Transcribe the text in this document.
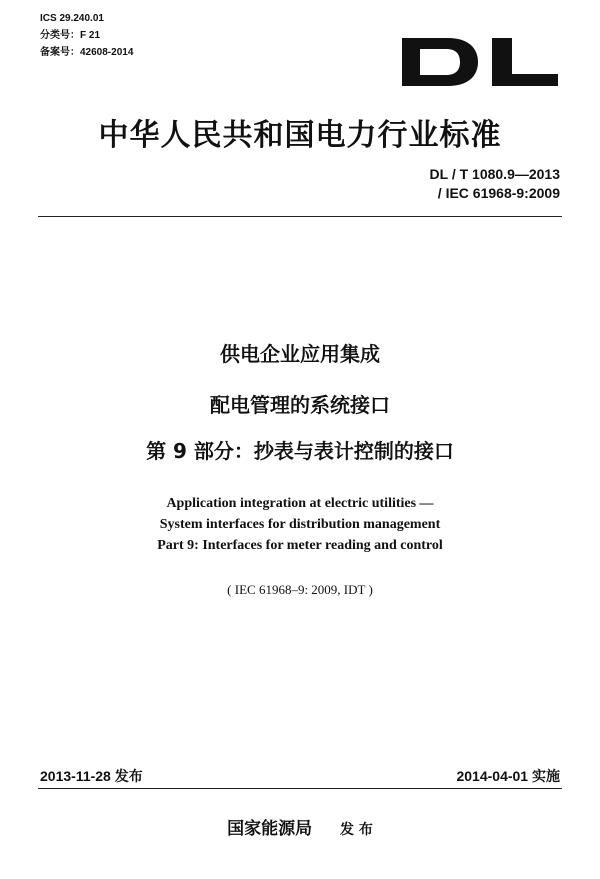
ICS 29.240.01
分类号：F 21
备案号：42608-2014
中华人民共和国电力行业标准
DL / T 1080.9—2013
/ IEC 61968-9:2009
供电企业应用集成
配电管理的系统接口
第 9 部分：抄表与表计控制的接口
Application integration at electric utilities —
System interfaces for distribution management
Part 9: Interfaces for meter reading and control
( IEC 61968–9: 2009, IDT )
2013-11-28 发布	2014-04-01 实施
国家能源局 发 布
